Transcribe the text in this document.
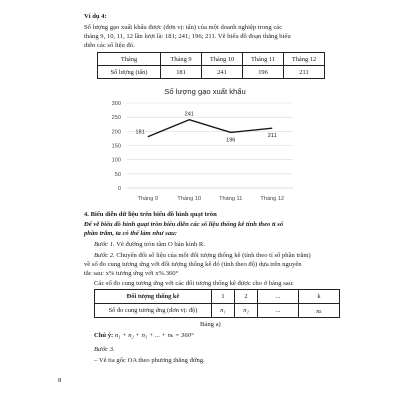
Ví dụ 4:
Số lượng gạo xuất khẩu được (đơn vị: tấn) của một doanh nghiệp trong các
tháng 9, 10, 11, 12 lần lượt là: 181; 241; 196; 211. Vẽ biểu đồ đoạn thẳng biểu
diễn các số liệu đó.
Tháng	Tháng 9	Tháng 10	Tháng 11	Tháng 12
Số lượng (tấn)	181	241	196	211
Số lượng gạo xuất khẩu
0
50
100
150
200
250
300
Tháng 9	Tháng 10	Tháng 11	Tháng 12
181
241
196
211
4. Biểu diễn dữ liệu trên biểu đồ hình quạt tròn
Để vẽ biểu đồ hình quạt tròn biểu diễn các số liệu thống kê tính theo tỉ số
phần trăm, ta có thể làm như sau:
Bước 1. Vẽ đường tròn tâm O bán kính R.
Bước 2. Chuyển đổi số liệu của mỗi đối tượng thống kê (tính theo tỉ số phần trăm)
về số đo cung tương ứng với đối tượng thống kê đó (tính theo độ) dựa trên nguyên
tắc sau: x% tương ứng với x%.360°
Các số đo cung tương ứng với các đối tượng thống kê được cho ở bảng sau:
Đối tượng thống kê	1	2	...	k
Số đo cung tương ứng (đơn vị: độ)	n₁	n₂	...	nₖ
Bảng a)
Chú ý: n₁ + n₂ + n₃ + ... + nₖ = 360°
Bước 3.
– Vẽ tia gốc OA theo phương thẳng đứng.
8
